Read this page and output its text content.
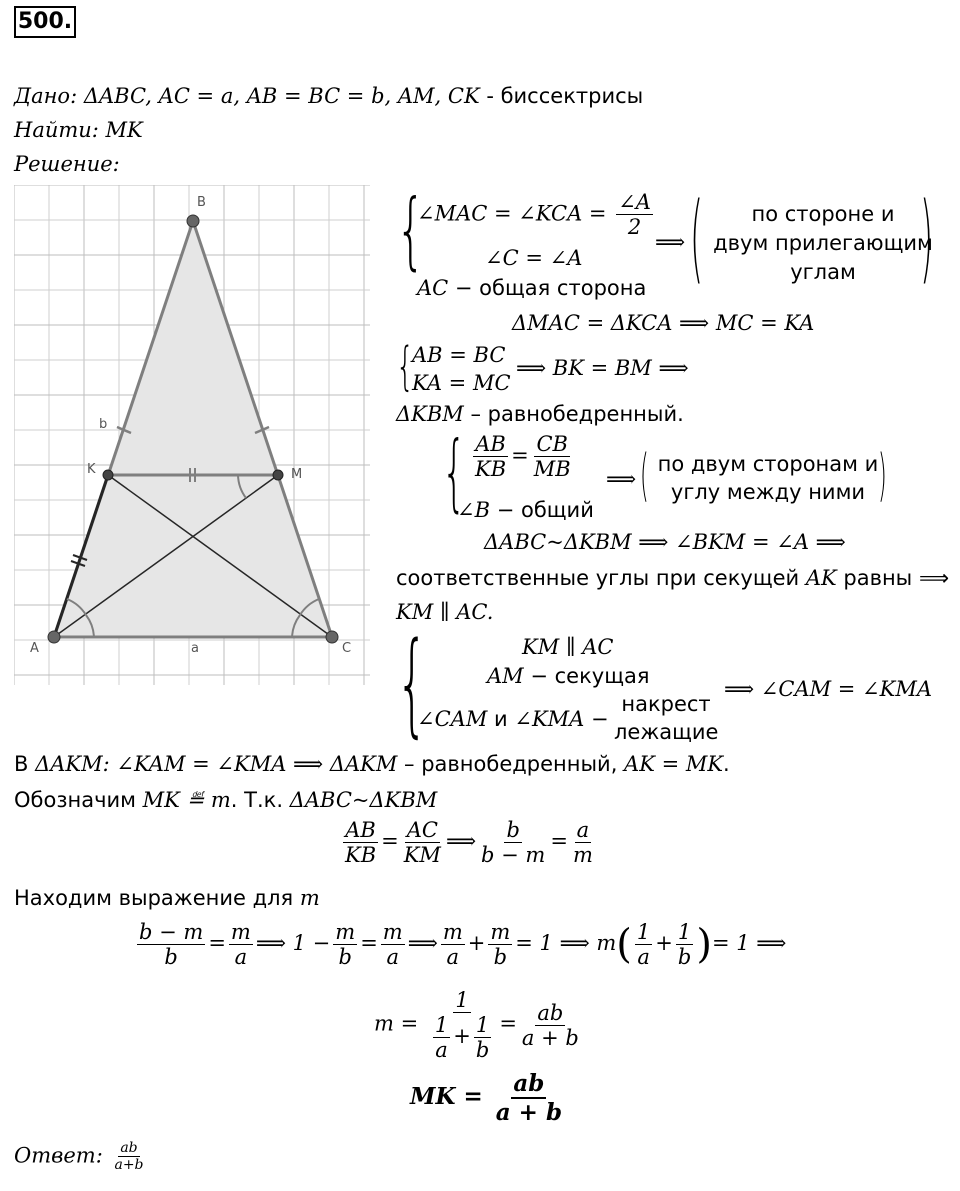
500.
Дано: ΔABC, AC = a, AB = BC = b, AM, CK - биссектрисы
Найти: MK
Решение:
B
A	C
K	M
b
a
{
∠MAC = ∠KCA = $\frac{\angle A}{2}$
∠C = ∠A
AC − общая сторона
⟹ ( )
по стороне и
двум прилегающим
углам
ΔMAC = ΔKCA ⟹ MC = KA
{
AB = BC
KA = MC
⟹ BK = BM ⟹
ΔKBM – равнобедренный.
{ $\frac{AB}{KB} = \frac{CB}{MB}$
∠B − общий
⟹ (	)
по двум сторонам и
углу между ними
ΔABC~ΔKBM ⟹ ∠BKM = ∠A ⟹
соответственные углы при секущей AK равны ⟹
KM ∥ AC.
{	KM ∥ AC
AM − секущая
∠CAM и ∠KMA −
накрест
лежащие
⟹ ∠CAM = ∠KMA
В ΔAKM: ∠KAM = ∠KMA ⟹ ΔAKM – равнобедренный, AK = MK.
Обозначим MK ≝ m. Т.к. ΔABC~ΔKBM
$\frac{AB}{KB} = \frac{AC}{KM}$ ⟹ $\frac{b}{b - m} = \frac{a}{m}$
Находим выражение для m
$\frac{b - m}{b} = \frac{m}{a}$ ⟹ $1 - \frac{m}{b} = \frac{m}{a}$ ⟹ $\frac{m}{a} + \frac{m}{b} = 1$ ⟹ $m( \frac{1}{a} + \frac{1}{b}$ )= 1 ⟹
$m = \frac{1}{\frac{1}{a} + \frac{1}{b}} = \frac{ab}{a + b}$
MK = $\frac{ab}{a + b}$
Ответ: $\frac{ab}{a+b}$
